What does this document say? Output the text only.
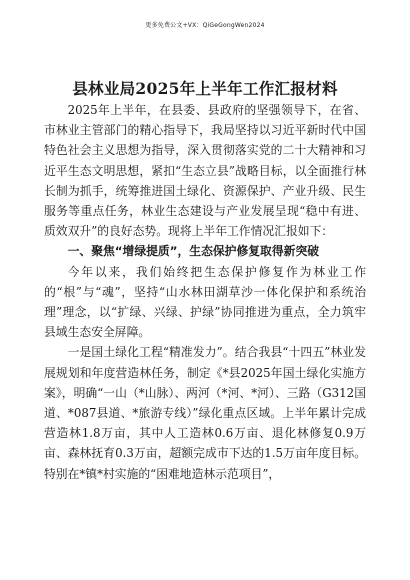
更多免费公文+VX：QiGeGongWen2024
县林业局2025年上半年工作汇报材料

2025年上半年，在县委、县政府的坚强领导下，在省、市林业主管部门的精心指导下，我局坚持以习近平新时代中国特色社会主义思想为指导，深入贯彻落实党的二十大精神和习近平生态文明思想，紧扣“生态立县”战略目标，以全面推行林长制为抓手，统筹推进国土绿化、资源保护、产业升级、民生服务等重点任务，林业生态建设与产业发展呈现“稳中有进、质效双升”的良好态势。现将上半年工作情况汇报如下：

一、聚焦“增绿提质”，生态保护修复取得新突破

今年以来，我们始终把生态保护修复作为林业工作的“根”与“魂”，坚持“山水林田湖草沙一体化保护和系统治理”理念，以“扩绿、兴绿、护绿”协同推进为重点，全力筑牢县域生态安全屏障。

一是国土绿化工程“精准发力”。结合我县“十四五”林业发展规划和年度营造林任务，制定《*县2025年国土绿化实施方案》，明确“一山（*山脉）、两河（*河、*河）、三路（G312国道、*087县道、*旅游专线）”绿化重点区域。上半年累计完成营造林1.8万亩，其中人工造林0.6万亩、退化林修复0.9万亩、森林抚育0.3万亩，超额完成市下达的1.5万亩年度目标。特别在*镇*村实施的“困难地造林示范项目”，
